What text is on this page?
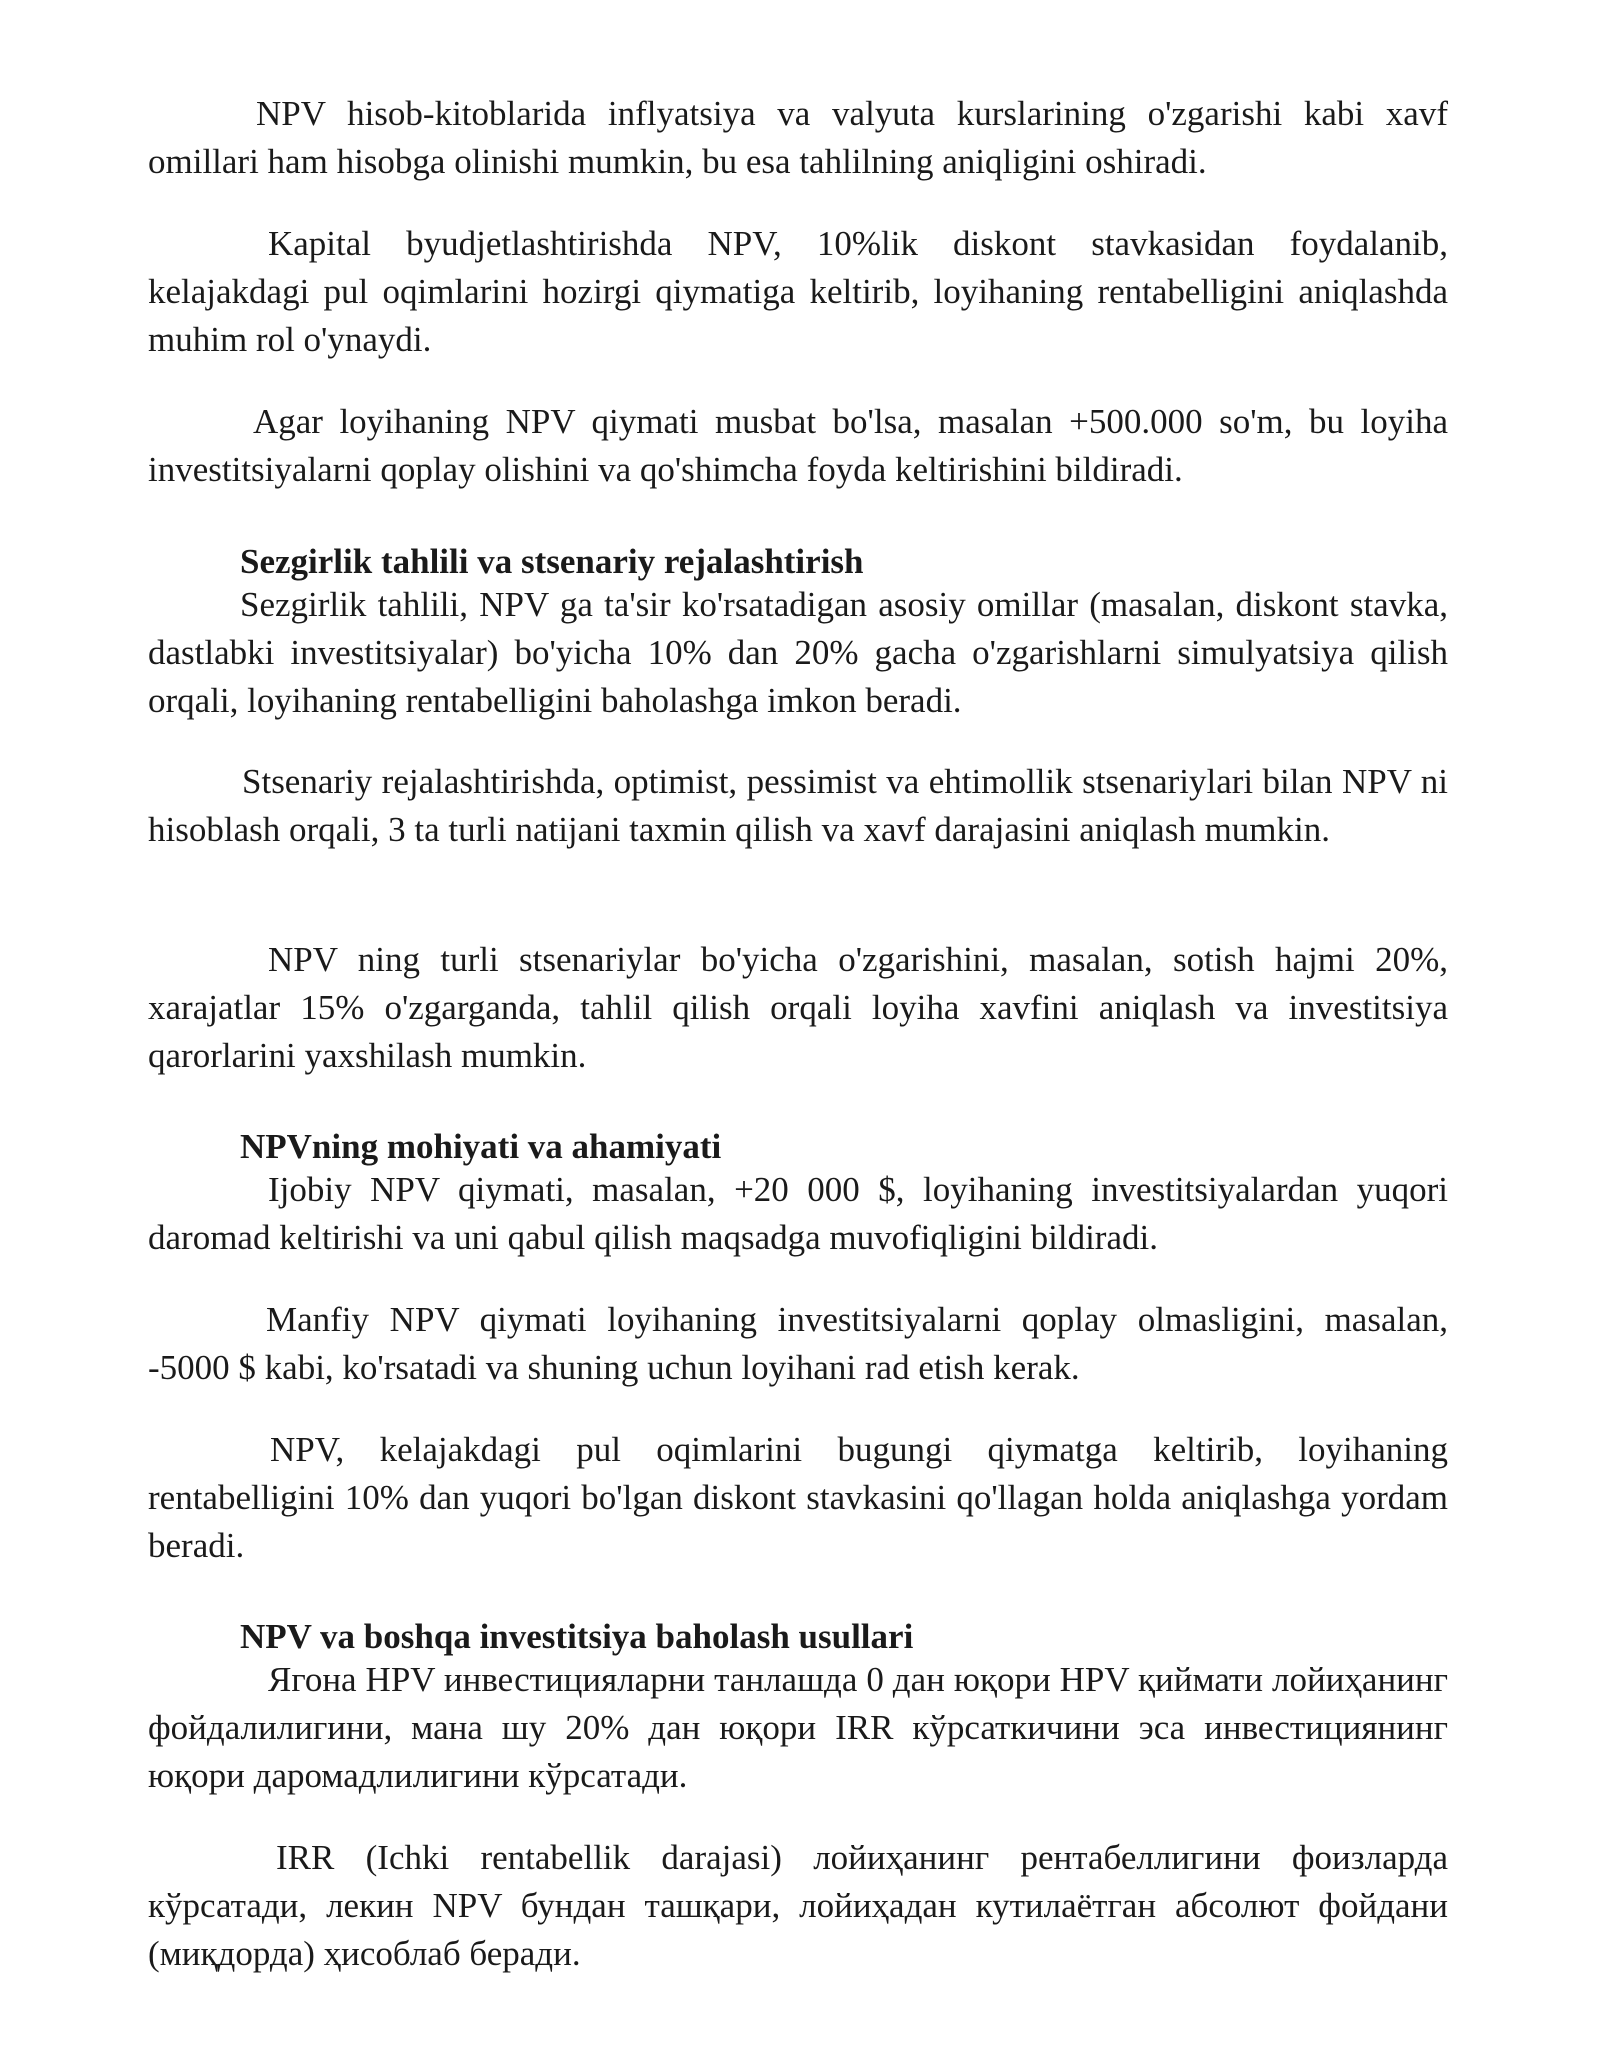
NPV hisob-kitoblarida inflyatsiya va valyuta kurslarining o'zgarishi kabi xavf omillari ham hisobga olinishi mumkin, bu esa tahlilning aniqligini oshiradi.

Kapital byudjetlashtirishda NPV, 10%lik diskont stavkasidan foydalanib, kelajakdagi pul oqimlarini hozirgi qiymatiga keltirib, loyihaning rentabelligini aniqlashda muhim rol o'ynaydi.

Agar loyihaning NPV qiymati musbat bo'lsa, masalan +500.000 so'm, bu loyiha investitsiyalarni qoplay olishini va qo'shimcha foyda keltirishini bildiradi.

Sezgirlik tahlili va stsenariy rejalashtirish

Sezgirlik tahlili, NPV ga ta'sir ko'rsatadigan asosiy omillar (masalan, diskont stavka, dastlabki investitsiyalar) bo'yicha 10% dan 20% gacha o'zgarishlarni simulyatsiya qilish orqali, loyihaning rentabelligini baholashga imkon beradi.

Stsenariy rejalashtirishda, optimist, pessimist va ehtimollik stsenariylari bilan NPV ni hisoblash orqali, 3 ta turli natijani taxmin qilish va xavf darajasini aniqlash mumkin.

NPV ning turli stsenariylar bo'yicha o'zgarishini, masalan, sotish hajmi 20%, xarajatlar 15% o'zgarganda, tahlil qilish orqali loyiha xavfini aniqlash va investitsiya qarorlarini yaxshilash mumkin.

NPVning mohiyati va ahamiyati

Ijobiy NPV qiymati, masalan, +20 000 $, loyihaning investitsiyalardan yuqori daromad keltirishi va uni qabul qilish maqsadga muvofiqligini bildiradi.

Manfiy NPV qiymati loyihaning investitsiyalarni qoplay olmasligini, masalan, -5000 $ kabi, ko'rsatadi va shuning uchun loyihani rad etish kerak.

NPV, kelajakdagi pul oqimlarini bugungi qiymatga keltirib, loyihaning rentabelligini 10% dan yuqori bo'lgan diskont stavkasini qo'llagan holda aniqlashga yordam beradi.

NPV va boshqa investitsiya baholash usullari

Ягона НPV инвестицияларни танлашда 0 дан юқори НPV қиймати лойиҳанинг фойдалилигини, мана шу 20% дан юқори IRR кўрсаткичини эса инвестициянинг юқори даромадлилигини кўрсатади.

IRR (Ichki rentabellik darajasi) лойиҳанинг рентабеллигини фоизларда кўрсатади, лекин NPV бундан ташқари, лойиҳадан кутилаётган абсолют фойдани (миқдорда) ҳисоблаб беради.
